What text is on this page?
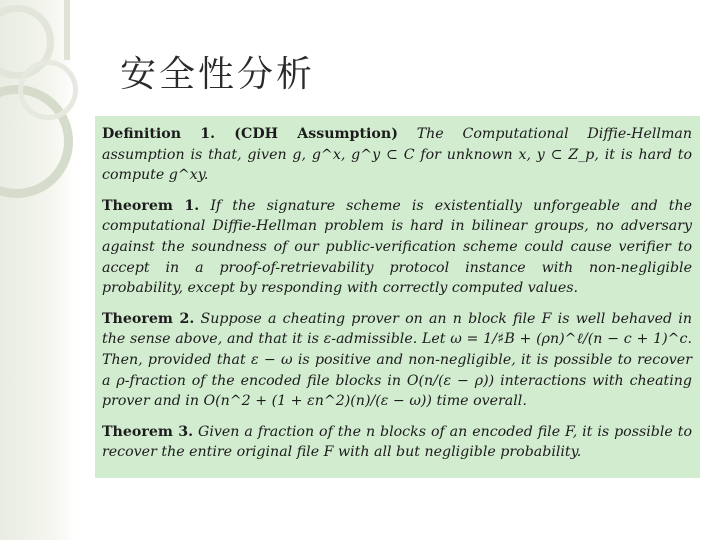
安全性分析

Definition 1. (CDH Assumption) The Computational Diffie-Hellman assumption is that, given g, g^x, g^y ⊂ C for unknown x, y ⊂ Z_p, it is hard to compute g^xy.

Theorem 1. If the signature scheme is existentially unforgeable and the computational Diffie-Hellman problem is hard in bilinear groups, no adversary against the soundness of our public-verification scheme could cause verifier to accept in a proof-of-retrievability protocol instance with non-negligible probability, except by responding with correctly computed values.

Theorem 2. Suppose a cheating prover on an n block file F is well behaved in the sense above, and that it is ε-admissible. Let ω = 1/♯B + (ρn)^ℓ/(n − c + 1)^c. Then, provided that ε − ω is positive and non-negligible, it is possible to recover a ρ-fraction of the encoded file blocks in O(n/(ε − ρ)) interactions with cheating prover and in O(n^2 + (1 + εn^2)(n)/(ε − ω)) time overall.

Theorem 3. Given a fraction of the n blocks of an encoded file F, it is possible to recover the entire original file F with all but negligible probability.
